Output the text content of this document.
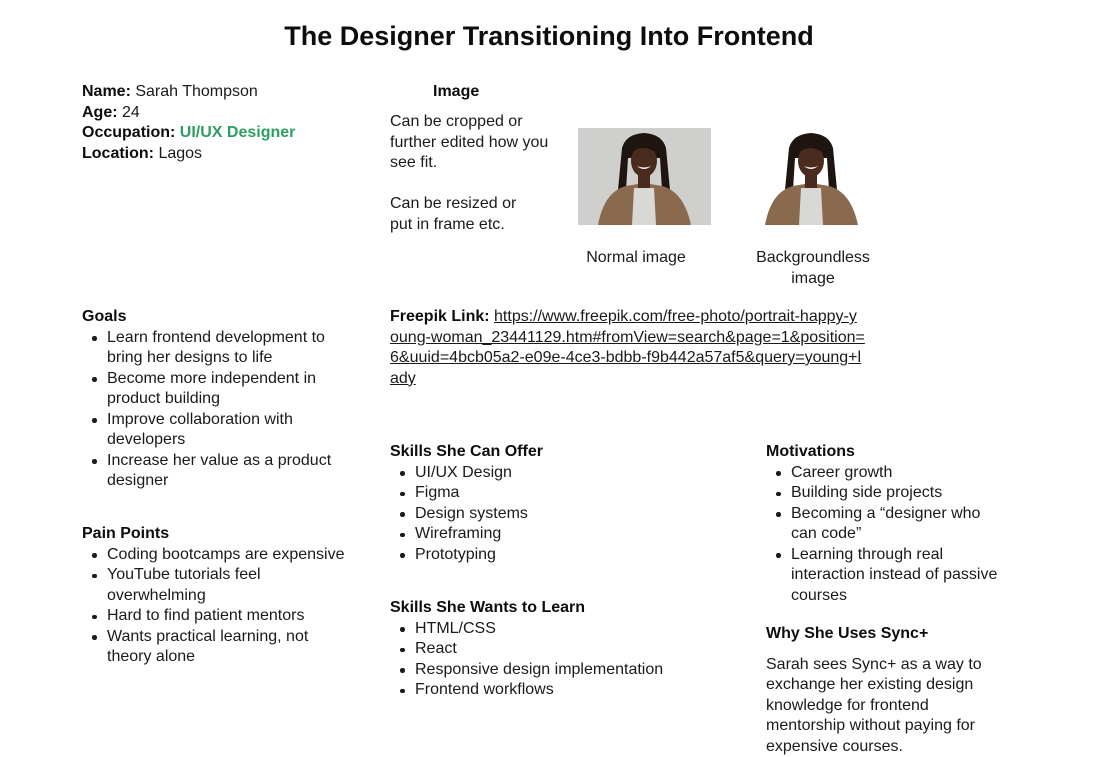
The Designer Transitioning Into Frontend
Name: Sarah Thompson
Age: 24
Occupation: UI/UX Designer
Location: Lagos
Image

Can be cropped or further edited how you see fit.

Can be resized or put in frame etc.

Normal image	Backgroundless image

Goals
Learn frontend development to bring her designs to life
Become more independent in product building
Improve collaboration with developers
Increase her value as a product designer
Pain Points
Coding bootcamps are expensive
YouTube tutorials feel overwhelming
Hard to find patient mentors
Wants practical learning, not theory alone
Freepik Link: https://www.freepik.com/free-photo/portrait-happy-young-woman_23441129.htm#fromView=search&page=1&position=6&uuid=4bcb05a2-e09e-4ce3-bdbb-f9b442a57af5&query=young+lady
Skills She Can Offer
UI/UX Design
Figma
Design systems
Wireframing
Prototyping
Skills She Wants to Learn
HTML/CSS
React
Responsive design implementation
Frontend workflows
Motivations
Career growth
Building side projects
Becoming a “designer who can code”
Learning through real interaction instead of passive courses
Why She Uses Sync+

Sarah sees Sync+ as a way to exchange her existing design knowledge for frontend mentorship without paying for expensive courses.
